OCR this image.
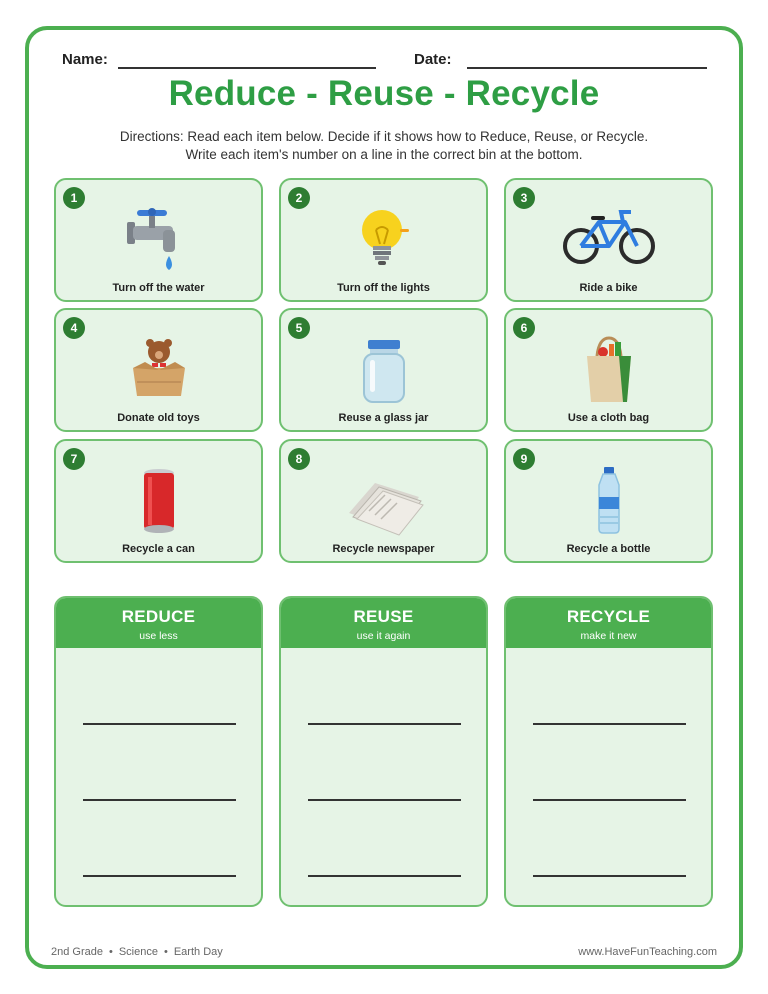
Name:	Date:
Reduce - Reuse - Recycle
Directions: Read each item below. Decide if it shows how to Reduce, Reuse, or Recycle.
Write each item's number on a line in the correct bin at the bottom.
1
Turn off the water
2
Turn off the lights
3
Ride a bike
4
Donate old toys
5
Reuse a glass jar
6
Use a cloth bag
7
Recycle a can
8
Recycle newspaper
9
Recycle a bottle
REDUCE
use less
REUSE
use it again
RECYCLE
make it new
2nd Grade • Science • Earth Day	www.HaveFunTeaching.com
